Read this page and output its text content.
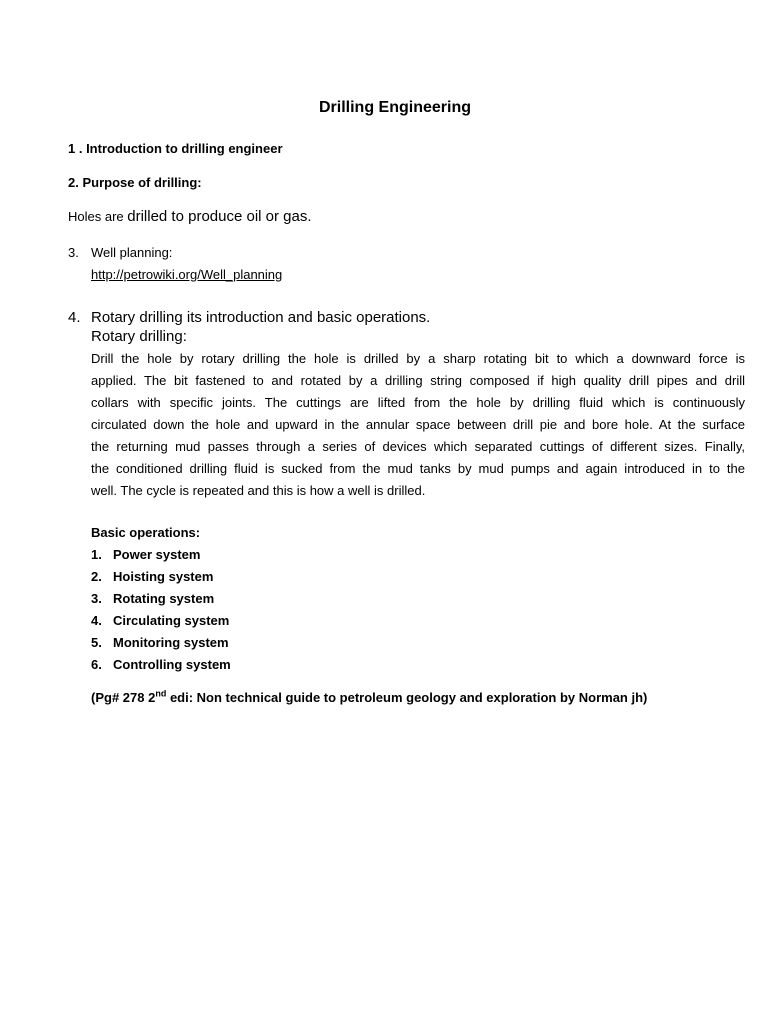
Drilling Engineering
1 . Introduction to drilling engineer
2. Purpose of drilling:
Holes are drilled to produce oil or gas.
3. Well planning:
http://petrowiki.org/Well_planning
4. Rotary drilling its introduction and basic operations.
Rotary drilling:
Drill the hole by rotary drilling the hole is drilled by a sharp rotating bit to which a downward force is
applied. The bit fastened to and rotated by a drilling string composed if high quality drill pipes and drill
collars with specific joints. The cuttings are lifted from the hole by drilling fluid which is continuously
circulated down the hole and upward in the annular space between drill pie and bore hole. At the surface
the returning mud passes through a series of devices which separated cuttings of different sizes. Finally,
the conditioned drilling fluid is sucked from the mud tanks by mud pumps and again introduced in to the
well. The cycle is repeated and this is how a well is drilled.
Basic operations:
1. Power system
2. Hoisting system
3. Rotating system
4. Circulating system
5. Monitoring system
6. Controlling system
(Pg# 278 2nd edi: Non technical guide to petroleum geology and exploration by Norman jh)
